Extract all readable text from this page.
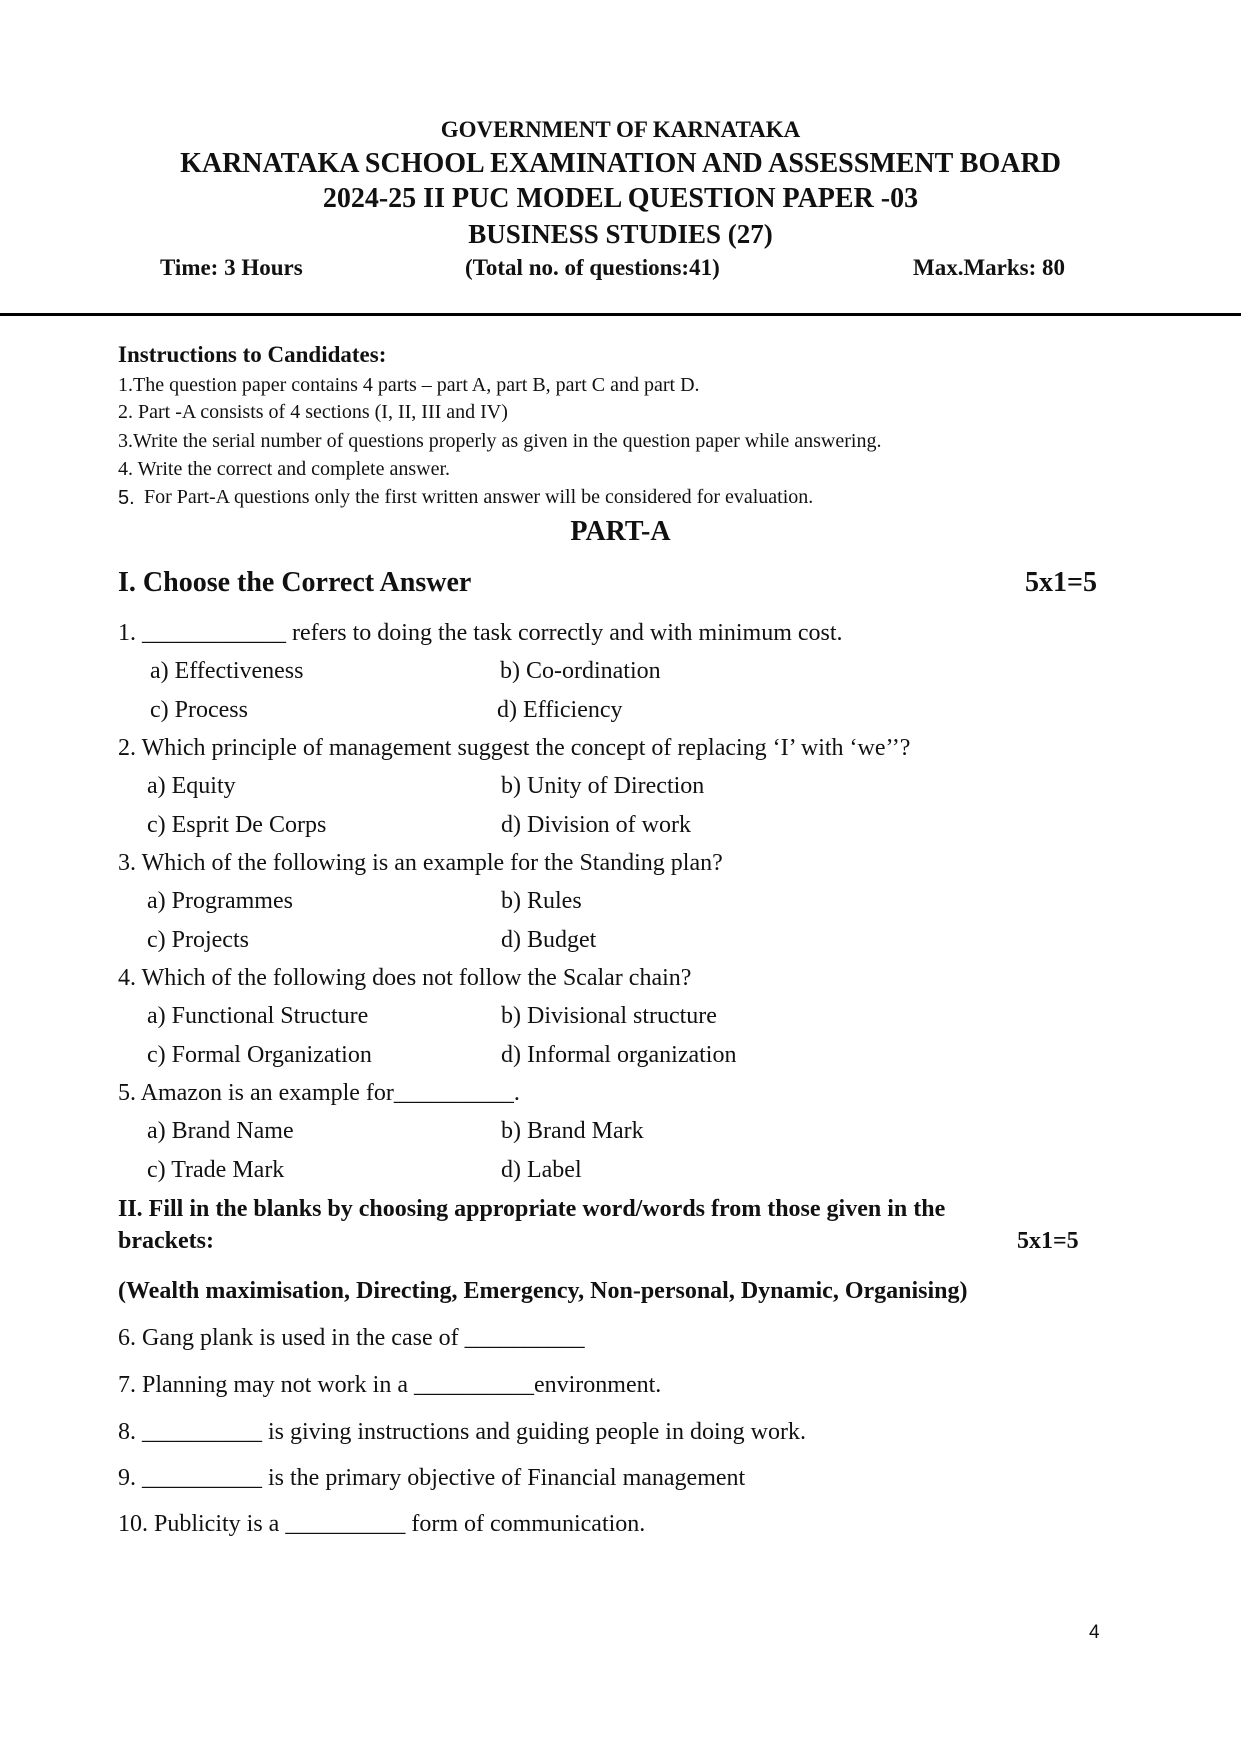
GOVERNMENT OF KARNATAKA
KARNATAKA SCHOOL EXAMINATION AND ASSESSMENT BOARD
2024-25 II PUC MODEL QUESTION PAPER -03
BUSINESS STUDIES (27)
Time: 3 Hours	(Total no. of questions:41)	Max.Marks: 80
Instructions to Candidates:
1.The question paper contains 4 parts – part A, part B, part C and part D.
2. Part -A consists of 4 sections (I, II, III and IV)
3.Write the serial number of questions properly as given in the question paper while answering.
4. Write the correct and complete answer.
5. For Part-A questions only the first written answer will be considered for evaluation.
PART-A
I. Choose the Correct Answer	5x1=5
1. ____________ refers to doing the task correctly and with minimum cost.
a) Effectiveness	b) Co-ordination
c) Process	d) Efficiency
2. Which principle of management suggest the concept of replacing ‘I’ with ‘we’’?
a) Equity	b) Unity of Direction
c) Esprit De Corps	d) Division of work
3. Which of the following is an example for the Standing plan?
a) Programmes	b) Rules
c) Projects	d) Budget
4. Which of the following does not follow the Scalar chain?
a) Functional Structure	b) Divisional structure
c) Formal Organization	d) Informal organization
5. Amazon is an example for__________.
a) Brand Name	b) Brand Mark
c) Trade Mark	d) Label
II. Fill in the blanks by choosing appropriate word/words from those given in the
brackets:	5x1=5
(Wealth maximisation, Directing, Emergency, Non-personal, Dynamic, Organising)
6. Gang plank is used in the case of __________
7. Planning may not work in a __________environment.
8. __________ is giving instructions and guiding people in doing work.
9. __________ is the primary objective of Financial management
10. Publicity is a __________ form of communication.
4
